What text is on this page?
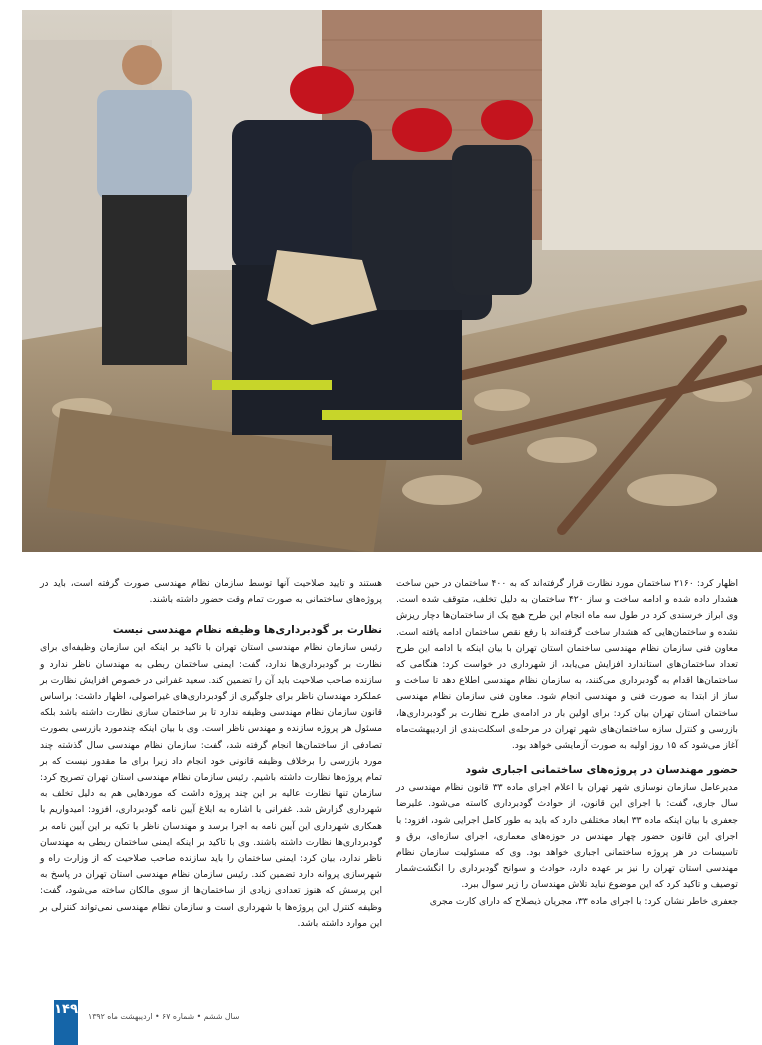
اظهار کرد: ۲۱۶۰ ساختمان مورد نظارت قرار گرفته‌اند که به ۴۰۰ ساختمان در حین ساخت هشدار داده شده و ادامه ساخت و ساز ۴۲۰ ساختمان به دلیل تخلف، متوقف شده است. وی ابراز خرسندی کرد در طول سه ماه انجام این طرح هیچ یک از ساختمان‌ها دچار ریزش نشده و ساختمان‌هایی که هشدار ساخت گرفته‌اند با رفع نقص ساختمان ادامه یافته است. معاون فنی سازمان نظام مهندسی ساختمان استان تهران با بیان اینکه با ادامه این طرح تعداد ساختمان‌های استاندارد افزایش می‌یابد، از شهرداری در خواست کرد: هنگامی که ساختمان‌ها اقدام به گودبرداری می‌کنند، به سازمان نظام مهندسی اطلاع دهد تا ساخت و ساز از ابتدا به صورت فنی و مهندسی انجام شود. معاون فنی سازمان نظام مهندسی ساختمان استان تهران بیان کرد: برای اولین بار در ادامه‌ی طرح نظارت بر گودبرداری‌ها، بازرسی و کنترل سازه ساختمان‌های شهر تهران در مرحله‌ی اسکلت‌بندی از اردیبهشت‌ماه آغاز می‌شود که ۱۵ روز اولیه به صورت آزمایشی خواهد بود.

حضور مهندسان در پروژه‌های ساختمانی اجباری شود

مدیرعامل سازمان نوسازی شهر تهران با اعلام اجرای ماده ۳۳ قانون نظام مهندسی در سال جاری، گفت: با اجرای این قانون، از حوادث گودبرداری کاسته می‌شود. علیرضا جعفری با بیان اینکه ماده ۳۳ ابعاد مختلفی دارد که باید به طور کامل اجرایی شود، افزود: با اجرای این قانون حضور چهار مهندس در حوزه‌های معماری، اجرای سازه‌ای، برق و تاسیسات در هر پروژه ساختمانی اجباری خواهد بود. وی که مسئولیت سازمان نظام مهندسی استان تهران را نیز بر عهده دارد، حوادث و سوانح گودبرداری را انگشت‌شمار توصیف و تاکید کرد که این موضوع نباید تلاش مهندسان را زیر سوال ببرد.

جعفری خاطر نشان کرد: با اجرای ماده ۳۳، مجریان ذیصلاح که دارای کارت مجری

هستند و تایید صلاحیت آنها توسط سازمان نظام مهندسی صورت گرفته است، باید در پروژه‌های ساختمانی به صورت تمام وقت حضور داشته باشند.

نظارت بر گودبرداری‌ها وظیفه نظام مهندسی نیست

رئیس سازمان نظام مهندسی استان تهران با تاکید بر اینکه این سازمان وظیفه‌ای برای نظارت بر گودبرداری‌ها ندارد، گفت: ایمنی ساختمان ربطی به مهندسان ناظر ندارد و سازنده صاحب صلاحیت باید آن را تضمین کند. سعید غفرانی در خصوص افزایش نظارت بر عملکرد مهندسان ناظر برای جلوگیری از گودبرداری‌های غیراصولی، اظهار داشت: براساس قانون سازمان نظام مهندسی وظیفه ندارد تا بر ساختمان سازی نظارت داشته باشد بلکه مسئول هر پروژه سازنده و مهندس ناظر است. وی با بیان اینکه چندمورد بازرسی بصورت تصادفی از ساختمان‌ها انجام گرفته شد، گفت: سازمان نظام مهندسی سال گذشته چند مورد بازرسی را برخلاف وظیفه قانونی خود انجام داد زیرا برای ما مقدور نیست که بر تمام پروژه‌ها نظارت داشته باشیم. رئیس سازمان نظام مهندسی استان تهران تصریح کرد: سازمان تنها نظارت عالیه بر این چند پروژه داشت که موردهایی هم به دلیل تخلف به شهرداری گزارش شد. غفرانی با اشاره به ابلاغ آیین نامه گودبرداری، افزود: امیدواریم با همکاری شهرداری این آیین نامه به اجرا برسد و مهندسان ناظر با تکیه بر این آیین نامه بر گودبرداری‌ها نظارت داشته باشند. وی با تاکید بر اینکه ایمنی ساختمان ربطی به مهندسان ناظر ندارد، بیان کرد: ایمنی ساختمان را باید سازنده صاحب صلاحیت که از وزارت راه و شهرسازی پروانه دارد تضمین کند. رئیس سازمان نظام مهندسی استان تهران در پاسخ به این پرسش که هنوز تعدادی زیادی از ساختمان‌ها از سوی مالکان ساخته می‌شود، گفت: وظیفه کنترل این پروژه‌ها با شهرداری است و سازمان نظام مهندسی نمی‌تواند کنترلی بر این موارد داشته باشد.

۱۴۹ سال ششم • شماره ۶۷ • اردیبهشت ماه ۱۳۹۲
